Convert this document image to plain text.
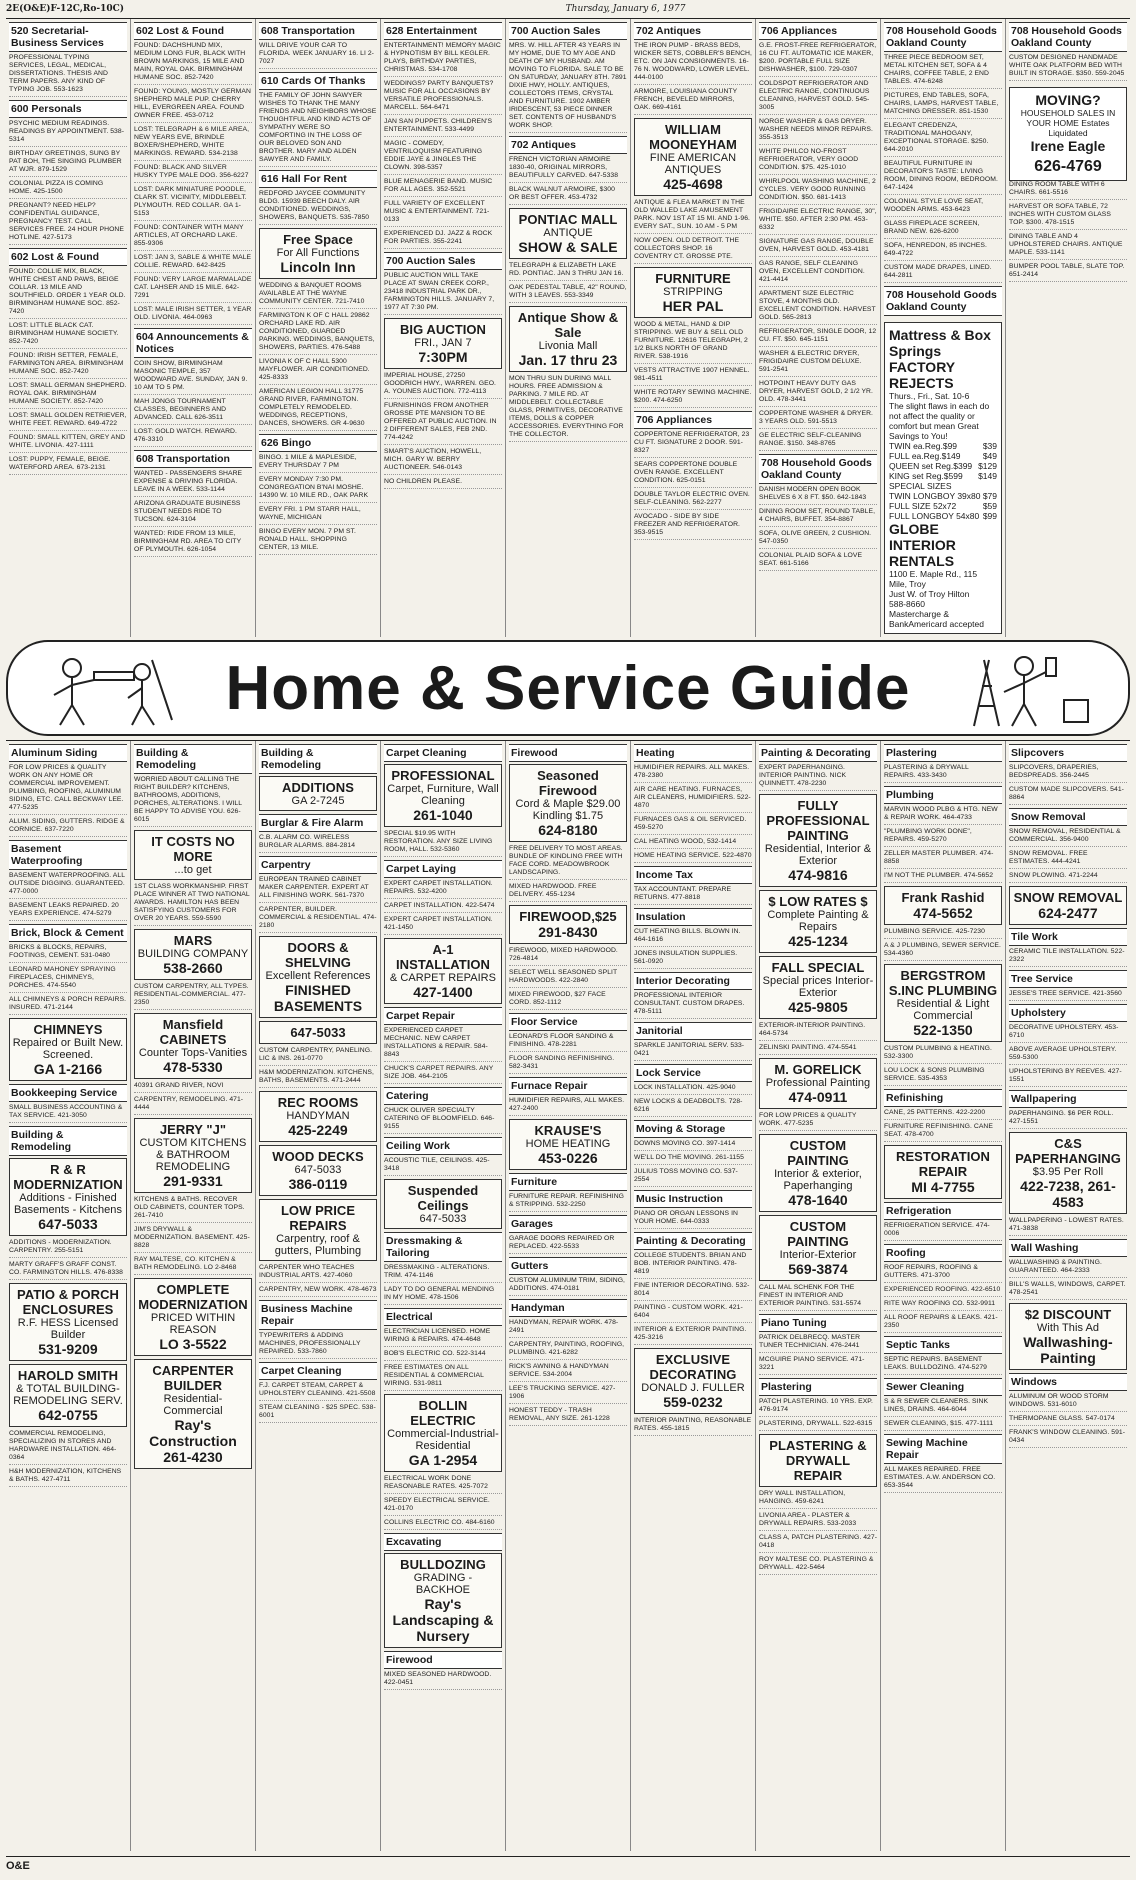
2E(O&E)F-12C,Ro-10C)	Thursday, January 6, 1977

520 Secretarial- Business Services
PROFESSIONAL TYPING SERVICES, LEGAL, MEDICAL, DISSERTATIONS. THESIS AND TERM PAPERS. ANY KIND OF TYPING JOB. 553-1623
600 Personals
PSYCHIC MEDIUM READINGS. READINGS BY APPOINTMENT. 538-5314
BIRTHDAY GREETINGS, SUNG BY PAT BOH, THE SINGING PLUMBER AT WJR. 879-1529
COLONIAL PIZZA IS COMING HOME. 425-1500
PREGNANT? NEED HELP? CONFIDENTIAL GUIDANCE, PREGNANCY TEST. CALL SERVICES FREE. 24 HOUR PHONE HOTLINE. 427-5173
602 Lost & Found
FOUND: COLLIE MIX, BLACK, WHITE CHEST AND PAWS, BEIGE COLLAR. 13 MILE AND SOUTHFIELD. ORDER 1 YEAR OLD. BIRMINGHAM HUMANE SOC. 852-7420
LOST: LITTLE BLACK CAT. BIRMINGHAM HUMANE SOCIETY. 852-7420
FOUND: IRISH SETTER, FEMALE, FARMINGTON AREA. BIRMINGHAM HUMANE SOC. 852-7420
LOST: SMALL GERMAN SHEPHERD. ROYAL OAK. BIRMINGHAM HUMANE SOCIETY. 852-7420
LOST: SMALL GOLDEN RETRIEVER, WHITE FEET. REWARD. 649-4722
FOUND: SMALL KITTEN, GREY AND WHITE. LIVONIA. 427-1111
LOST: PUPPY, FEMALE, BEIGE. WATERFORD AREA. 673-2131
602 Lost & Found
FOUND: DACHSHUND MIX, MEDIUM LONG FUR, BLACK WITH BROWN MARKINGS, 15 MILE AND MAIN, ROYAL OAK. BIRMINGHAM HUMANE SOC. 852-7420
FOUND: YOUNG, MOSTLY GERMAN SHEPHERD MALE PUP. CHERRY HILL, EVERGREEN AREA. FOUND OWNER FREE. 453-0712
LOST: TELEGRAPH & 6 MILE AREA, NEW YEARS EVE, BRINDLE BOXER/SHEPHERD, WHITE MARKINGS. REWARD. 534-2138
FOUND: BLACK AND SILVER HUSKY TYPE MALE DOG. 356-6227
LOST: DARK MINIATURE POODLE, CLARK ST. VICINITY, MIDDLEBELT. PLYMOUTH. RED COLLAR. GA 1-5153
FOUND: CONTAINER WITH MANY ARTICLES, AT ORCHARD LAKE. 855-9306
LOST: JAN 3, SABLE & WHITE MALE COLLIE. REWARD. 642-8425
FOUND: VERY LARGE MARMALADE CAT. LAHSER AND 15 MILE. 642-7291
LOST: MALE IRISH SETTER, 1 YEAR OLD. LIVONIA. 464-0963
604 Announcements & Notices
COIN SHOW, BIRMINGHAM MASONIC TEMPLE, 357 WOODWARD AVE. SUNDAY, JAN 9. 10 AM TO 5 PM.
MAH JONGG TOURNAMENT CLASSES, BEGINNERS AND ADVANCED. CALL 626-3511
LOST: GOLD WATCH. REWARD. 476-3310
608 Transportation
WANTED - PASSENGERS SHARE EXPENSE & DRIVING FLORIDA. LEAVE IN A WEEK. 533-1144
ARIZONA GRADUATE BUSINESS STUDENT NEEDS RIDE TO TUCSON. 624-3104
WANTED: RIDE FROM 13 MILE, BIRMINGHAM RD. AREA TO CITY OF PLYMOUTH. 626-1054
608 Transportation
WILL DRIVE YOUR CAR TO FLORIDA. WEEK JANUARY 16. LI 2-7027
610 Cards Of Thanks
THE FAMILY OF JOHN SAWYER WISHES TO THANK THE MANY FRIENDS AND NEIGHBORS WHOSE THOUGHTFUL AND KIND ACTS OF SYMPATHY WERE SO COMFORTING IN THE LOSS OF OUR BELOVED SON AND BROTHER. MARY AND ALDEN SAWYER AND FAMILY.
616 Hall For Rent
REDFORD JAYCEE COMMUNITY BLDG. 15939 BEECH DALY. AIR CONDITIONED. WEDDINGS, SHOWERS, BANQUETS. 535-7850
Free Space
For All Functions
Lincoln Inn
WEDDING & BANQUET ROOMS AVAILABLE AT THE WAYNE COMMUNITY CENTER. 721-7410
FARMINGTON K OF C HALL 29862 ORCHARD LAKE RD. AIR CONDITIONED, GUARDED PARKING. WEDDINGS, BANQUETS, SHOWERS, PARTIES. 476-5488
LIVONIA K OF C HALL 5300 MAYFLOWER. AIR CONDITIONED. 425-8333
AMERICAN LEGION HALL 31775 GRAND RIVER, FARMINGTON. COMPLETELY REMODELED. WEDDINGS, RECEPTIONS, DANCES, SHOWERS. GR 4-9630
626 Bingo
BINGO. 1 MILE & MAPLESIDE, EVERY THURSDAY 7 PM
EVERY MONDAY 7:30 PM. CONGREGATION B'NAI MOSHE. 14390 W. 10 MILE RD., OAK PARK
EVERY FRI. 1 PM STARR HALL, WAYNE, MICHIGAN
BINGO EVERY MON. 7 PM ST. RONALD HALL. SHOPPING CENTER, 13 MILE.
628 Entertainment
ENTERTAINMENT! MEMORY MAGIC & HYPNOTISM BY BILL KEGLER. PLAYS, BIRTHDAY PARTIES, CHRISTMAS. 534-1708
WEDDINGS? PARTY BANQUETS? MUSIC FOR ALL OCCASIONS BY VERSATILE PROFESSIONALS. MARCELL. 564-6471
JAN SAN PUPPETS. CHILDREN'S ENTERTAINMENT. 533-4499
MAGIC - COMEDY, VENTRILOQUISM FEATURING EDDIE JAYE & JINGLES THE CLOWN. 398-5357
BLUE MENAGERIE BAND. MUSIC FOR ALL AGES. 352-5521
FULL VARIETY OF EXCELLENT MUSIC & ENTERTAINMENT. 721-0133
EXPERIENCED DJ. JAZZ & ROCK FOR PARTIES. 355-2241
700 Auction Sales
PUBLIC AUCTION WILL TAKE PLACE AT SWAN CREEK CORP., 23418 INDUSTRIAL PARK DR., FARMINGTON HILLS. JANUARY 7, 1977 AT 7:30 PM.
BIG AUCTION
FRI., JAN 7
7:30PM
IMPERIAL HOUSE, 27250 GOODRICH HWY., WARREN. GEO. A. YOUNES AUCTION. 772-4113
FURNISHINGS FROM ANOTHER GROSSE PTE MANSION TO BE OFFERED AT PUBLIC AUCTION. IN 2 DIFFERENT SALES, FEB 2ND. 774-4242
SMART'S AUCTION, HOWELL, MICH. GARY W. BERRY AUCTIONEER. 546-0143
NO CHILDREN PLEASE.
700 Auction Sales
MRS. W. HILL AFTER 43 YEARS IN MY HOME, DUE TO MY AGE AND DEATH OF MY HUSBAND. AM MOVING TO FLORIDA. SALE TO BE ON SATURDAY, JANUARY 8TH. 7891 DIXIE HWY, HOLLY. ANTIQUES, COLLECTORS ITEMS, CRYSTAL AND FURNITURE. 1902 AMBER IRIDESCENT, 53 PIECE DINNER SET. CONTENTS OF HUSBAND'S WORK SHOP.
702 Antiques
FRENCH VICTORIAN ARMOIRE 1830-40, ORIGINAL MIRRORS, BEAUTIFULLY CARVED. 647-5338
BLACK WALNUT ARMOIRE, $300 OR BEST OFFER. 453-4732
PONTIAC MALL
ANTIQUE
SHOW & SALE
TELEGRAPH & ELIZABETH LAKE RD. PONTIAC. JAN 3 THRU JAN 16.
OAK PEDESTAL TABLE, 42" ROUND, WITH 3 LEAVES. 553-3349
Antique Show & Sale
Livonia Mall
Jan. 17 thru 23
MON THRU SUN DURING MALL HOURS. FREE ADMISSION & PARKING. 7 MILE RD. AT MIDDLEBELT. COLLECTABLE GLASS, PRIMITIVES, DECORATIVE ITEMS, DOLLS & COPPER ACCESSORIES. EVERYTHING FOR THE COLLECTOR.
702 Antiques
THE IRON PUMP - BRASS BEDS, WICKER SETS, COBBLER'S BENCH, ETC. ON JAN CONSIGNMENTS. 16-76 N. WOODWARD, LOWER LEVEL. 444-0100
ARMOIRE, LOUISIANA COUNTY FRENCH, BEVELED MIRRORS, OAK. 669-4161
WILLIAM MOONEYHAM
FINE AMERICAN ANTIQUES
425-4698
ANTIQUE & FLEA MARKET IN THE OLD WALLED LAKE AMUSEMENT PARK. NOV 1ST AT 15 MI. AND 1-96. EVERY SAT., SUN. 10 AM - 5 PM
NOW OPEN. OLD DETROIT. THE COLLECTORS SHOP. 16 COVENTRY CT. GROSSE PTE.
FURNITURE
STRIPPING
HER PAL
WOOD & METAL, HAND & DIP STRIPPING. WE BUY & SELL OLD FURNITURE. 12616 TELEGRAPH, 2 1/2 BLKS NORTH OF GRAND RIVER. 538-1916
VESTS ATTRACTIVE 1907 HENNEL. 981-4511
WHITE ROTARY SEWING MACHINE. $200. 474-6250
706 Appliances
COPPERTONE REFRIGERATOR, 23 CU FT. SIGNATURE 2 DOOR. 591-8327
SEARS COPPERTONE DOUBLE OVEN RANGE. EXCELLENT CONDITION. 625-0151
DOUBLE TAYLOR ELECTRIC OVEN. SELF-CLEANING. 562-2277
AVOCADO - SIDE BY SIDE FREEZER AND REFRIGERATOR. 353-9515
706 Appliances
G.E. FROST-FREE REFRIGERATOR, 16 CU FT. AUTOMATIC ICE MAKER, $200. PORTABLE FULL SIZE DISHWASHER, $100. 729-0307
COLDSPOT REFRIGERATOR AND ELECTRIC RANGE, CONTINUOUS CLEANING, HARVEST GOLD. 545-3005
NORGE WASHER & GAS DRYER. WASHER NEEDS MINOR REPAIRS. 355-3513
WHITE PHILCO NO-FROST REFRIGERATOR, VERY GOOD CONDITION. $75. 425-1010
WHIRLPOOL WASHING MACHINE, 2 CYCLES. VERY GOOD RUNNING CONDITION. $50. 681-1413
FRIGIDAIRE ELECTRIC RANGE, 30", WHITE. $50. AFTER 2:30 PM. 453-6332
SIGNATURE GAS RANGE, DOUBLE OVEN, HARVEST GOLD. 453-4181
GAS RANGE, SELF CLEANING OVEN, EXCELLENT CONDITION. 421-4414
APARTMENT SIZE ELECTRIC STOVE, 4 MONTHS OLD. EXCELLENT CONDITION. HARVEST GOLD. 565-2813
REFRIGERATOR, SINGLE DOOR, 12 CU. FT. $50. 645-1151
WASHER & ELECTRIC DRYER, FRIGIDAIRE CUSTOM DELUXE. 591-2541
HOTPOINT HEAVY DUTY GAS DRYER, HARVEST GOLD, 2 1/2 YR. OLD. 478-3441
COPPERTONE WASHER & DRYER. 3 YEARS OLD. 591-5513
GE ELECTRIC SELF-CLEANING RANGE. $150. 348-8765
708 Household Goods Oakland County
DANISH MODERN OPEN BOOK SHELVES 6 X 8 FT. $50. 642-1843
DINING ROOM SET, ROUND TABLE, 4 CHAIRS, BUFFET. 354-8867
SOFA, OLIVE GREEN, 2 CUSHION. 547-0350
COLONIAL PLAID SOFA & LOVE SEAT. 661-5166
708 Household Goods Oakland County
THREE PIECE BEDROOM SET, METAL KITCHEN SET, SOFA & 4 CHAIRS, COFFEE TABLE, 2 END TABLES. 474-6248
PICTURES, END TABLES, SOFA, CHAIRS, LAMPS, HARVEST TABLE, MATCHING DRESSER. 851-1530
ELEGANT CREDENZA, TRADITIONAL MAHOGANY, EXCEPTIONAL STORAGE. $250. 644-2010
BEAUTIFUL FURNITURE IN DECORATOR'S TASTE: LIVING ROOM, DINING ROOM, BEDROOM. 647-1424
COLONIAL STYLE LOVE SEAT, WOODEN ARMS. 453-6423
GLASS FIREPLACE SCREEN, BRAND NEW. 626-6200
SOFA, HENREDON, 85 INCHES. 649-4722
CUSTOM MADE DRAPES, LINED. 644-2811
708 Household Goods Oakland County
Mattress & Box Springs
FACTORY REJECTS
Thurs., Fri., Sat. 10-6
The slight flaws in each do not affect the quality or comfort but mean Great Savings to You!
TWIN ea.Reg.$99	$39
FULL ea.Reg.$149	$49
QUEEN set Reg.$399 $129
KING set Reg.$599 $149
SPECIAL SIZES
TWIN LONGBOY 39x80 $79
FULL SIZE 52x72	$59
FULL LONGBOY 54x80 $99
GLOBE INTERIOR RENTALS
1100 E. Maple Rd., 115 Mile, Troy
Just W. of Troy Hilton
588-8660
Mastercharge & BankAmericard accepted
708 Household Goods Oakland County
CUSTOM DESIGNED HANDMADE WHITE OAK PLATFORM BED WITH BUILT IN STORAGE. $350. 559-2045
MOVING?
HOUSEHOLD SALES IN YOUR HOME Estates Liquidated
Irene Eagle
626-4769
DINING ROOM TABLE WITH 6 CHAIRS. 661-5516
HARVEST OR SOFA TABLE, 72 INCHES WITH CUSTOM GLASS TOP. $300. 478-1515
DINING TABLE AND 4 UPHOLSTERED CHAIRS. ANTIQUE MAPLE. 533-1141
BUMPER POOL TABLE, SLATE TOP. 651-2414
Home & Service Guide
Aluminum Siding
FOR LOW PRICES & QUALITY WORK ON ANY HOME OR COMMERCIAL IMPROVEMENT. PLUMBING, ROOFING, ALUMINUM SIDING, ETC. CALL BECKWAY LEE. 477-5235
ALUM. SIDING, GUTTERS. RIDGE & CORNICE. 637-7220
Basement Waterproofing
BASEMENT WATERPROOFING. ALL OUTSIDE DIGGING. GUARANTEED. 477-0000
BASEMENT LEAKS REPAIRED. 20 YEARS EXPERIENCE. 474-5279
Brick, Block & Cement
BRICKS & BLOCKS, REPAIRS, FOOTINGS, CEMENT. 531-0480
LEONARD MAHONEY SPRAYING FIREPLACES, CHIMNEYS, PORCHES. 474-5540
ALL CHIMNEYS & PORCH REPAIRS. INSURED. 471-2144
CHIMNEYS
Repaired or Built New. Screened.
GA 1-2166
Bookkeeping Service
SMALL BUSINESS ACCOUNTING & TAX SERVICE. 421-3050
Building & Remodeling
R & R MODERNIZATION
Additions - Finished Basements - Kitchens
647-5033
ADDITIONS - MODERNIZATION. CARPENTRY. 255-5151
MARTY GRAFF'S GRAFF CONST. CO. FARMINGTON HILLS. 476-8338
PATIO & PORCH ENCLOSURES
R.F. HESS Licensed Builder
531-9209
HAROLD SMITH
& TOTAL BUILDING-REMODELING SERV.
642-0755
COMMERCIAL REMODELING, SPECIALIZING IN STORES AND HARDWARE INSTALLATION. 464-0364
H&H MODERNIZATION, KITCHENS & BATHS. 427-4711
Building & Remodeling
WORRIED ABOUT CALLING THE RIGHT BUILDER? KITCHENS, BATHROOMS, ADDITIONS, PORCHES, ALTERATIONS. I WILL BE HAPPY TO ADVISE YOU. 626-6015
IT COSTS NO MORE
...to get
1ST CLASS WORKMANSHIP. FIRST PLACE WINNER AT TWO NATIONAL AWARDS. HAMILTON HAS BEEN SATISFYING CUSTOMERS FOR OVER 20 YEARS. 559-5590
MARS
BUILDING COMPANY
538-2660
CUSTOM CARPENTRY, ALL TYPES. RESIDENTIAL-COMMERCIAL. 477-2350
Mansfield CABINETS
Counter Tops-Vanities
478-5330
40391 GRAND RIVER, NOVI
CARPENTRY, REMODELING. 471-4444
JERRY "J"
CUSTOM KITCHENS & BATHROOM REMODELING
291-9331
KITCHENS & BATHS. RECOVER OLD CABINETS, COUNTER TOPS. 261-7410
JIM'S DRYWALL & MODERNIZATION. BASEMENT. 425-8828
RAY MALTESE, CO. KITCHEN & BATH REMODELING. LO 2-8468
COMPLETE MODERNIZATION
PRICED WITHIN REASON
LO 3-5522
CARPENTER BUILDER
Residential-Commercial
Ray's Construction 261-4230
Building & Remodeling
ADDITIONS
GA 2-7245
Burglar & Fire Alarm
C.B. ALARM CO. WIRELESS BURGLAR ALARMS. 884-2814
Carpentry
EUROPEAN TRAINED CABINET MAKER CARPENTER. EXPERT AT ALL FINISHING WORK. 561-7370
CARPENTER, BUILDER. COMMERCIAL & RESIDENTIAL. 474-2180
DOORS & SHELVING
Excellent References
FINISHED BASEMENTS
647-5033
CUSTOM CARPENTRY, PANELING. LIC & INS. 261-0770
H&M MODERNIZATION. KITCHENS, BATHS, BASEMENTS. 471-2444
REC ROOMS
HANDYMAN
425-2249
WOOD DECKS
647-5033
386-0119
LOW PRICE REPAIRS
Carpentry, roof & gutters, Plumbing
CARPENTER WHO TEACHES INDUSTRIAL ARTS. 427-4060
CARPENTRY, NEW WORK. 478-4673
Business Machine Repair
TYPEWRITERS & ADDING MACHINES, PROFESSIONALLY REPAIRED. 533-7860
Carpet Cleaning
F.J. CARPET STEAM, CARPET & UPHOLSTERY CLEANING. 421-5508
STEAM CLEANING - $25 SPEC. 538-6001
Carpet Cleaning
PROFESSIONAL
Carpet, Furniture, Wall Cleaning
261-1040
SPECIAL $19.95 WITH RESTORATION. ANY SIZE LIVING ROOM, HALL. 532-5360
Carpet Laying
EXPERT CARPET INSTALLATION. REPAIRS. 532-4200
CARPET INSTALLATION. 422-5474
EXPERT CARPET INSTALLATION. 421-1450
A-1 INSTALLATION
& CARPET REPAIRS
427-1400
Carpet Repair
EXPERIENCED CARPET MECHANIC. NEW CARPET INSTALLATIONS & REPAIR. 584-8843
CHUCK'S CARPET REPAIRS. ANY SIZE JOB. 464-2105
Catering
CHUCK OLIVER SPECIALTY CATERING OF BLOOMFIELD. 646-9155
Ceiling Work
ACOUSTIC TILE, CEILINGS. 425-3418
Suspended Ceilings
647-5033
Dressmaking & Tailoring
DRESSMAKING - ALTERATIONS. TRIM. 474-1146
LADY TO DO GENERAL MENDING IN MY HOME. 478-1506
Electrical
ELECTRICIAN LICENSED. HOME WIRING & REPAIRS. 474-4648
BOB'S ELECTRIC CO. 522-3144
FREE ESTIMATES ON ALL RESIDENTIAL & COMMERCIAL WIRING. 531-9811
BOLLIN ELECTRIC
Commercial-Industrial-Residential
GA 1-2954
ELECTRICAL WORK DONE REASONABLE RATES. 425-7072
SPEEDY ELECTRICAL SERVICE. 421-0170
COLLINS ELECTRIC CO. 484-6160
Excavating
BULLDOZING
GRADING - BACKHOE
Ray's Landscaping & Nursery
Firewood
MIXED SEASONED HARDWOOD. 422-0451
Firewood
Seasoned Firewood
Cord & Maple $29.00 Kindling $1.75
624-8180
FREE DELIVERY TO MOST AREAS. BUNDLE OF KINDLING FREE WITH FACE CORD. MEADOWBROOK LANDSCAPING.
MIXED HARDWOOD. FREE DELIVERY. 455-1234
FIREWOOD,$25
291-8430
FIREWOOD, MIXED HARDWOOD. 726-4814
SELECT WELL SEASONED SPLIT HARDWOODS. 422-2840
MIXED FIREWOOD, $27 FACE CORD. 852-1112
Floor Service
LEONARD'S FLOOR SANDING & FINISHING. 478-2281
FLOOR SANDING REFINISHING. 582-3431
Furnace Repair
HUMIDIFIER REPAIRS, ALL MAKES. 427-2400
KRAUSE'S
HOME HEATING
453-0226
Furniture
FURNITURE REPAIR. REFINISHING & STRIPPING. 532-2250
Garages
GARAGE DOORS REPAIRED OR REPLACED. 422-5533
Gutters
CUSTOM ALUMINUM TRIM, SIDING, ADDITIONS. 474-0181
Handyman
HANDYMAN, REPAIR WORK. 478-2491
CARPENTRY, PAINTING, ROOFING, PLUMBING. 421-6282
RICK'S AWNING & HANDYMAN SERVICE. 534-2004
LEE'S TRUCKING SERVICE. 427-1906
HONEST TEDDY - TRASH REMOVAL, ANY SIZE. 261-1228
Heating
HUMIDIFIER REPAIRS. ALL MAKES. 478-2380
AIR CARE HEATING. FURNACES, AIR CLEANERS, HUMIDIFIERS. 522-4870
FURNACES GAS & OIL SERVICED. 459-5270
CAL HEATING WOOD, 532-1414
HOME HEATING SERVICE. 522-4870
Income Tax
TAX ACCOUNTANT. PREPARE RETURNS. 477-8818
Insulation
CUT HEATING BILLS. BLOWN IN. 464-1616
JONES INSULATION SUPPLIES. 561-0920
Interior Decorating
PROFESSIONAL INTERIOR CONSULTANT. CUSTOM DRAPES. 478-5111
Janitorial
SPARKLE JANITORIAL SERV. 533-0421
Lock Service
LOCK INSTALLATION. 425-9040
NEW LOCKS & DEADBOLTS. 728-6216
Moving & Storage
DOWNS MOVING CO. 397-1414
WE'LL DO THE MOVING. 261-1155
JULIUS TOSS MOVING CO. 537-2554
Music Instruction
PIANO OR ORGAN LESSONS IN YOUR HOME. 644-0333
Painting & Decorating
COLLEGE STUDENTS. BRIAN AND BOB. INTERIOR PAINTING. 478-4819
FINE INTERIOR DECORATING. 532-8014
PAINTING - CUSTOM WORK. 421-6404
INTERIOR & EXTERIOR PAINTING. 425-3216
EXCLUSIVE DECORATING
DONALD J. FULLER
559-0232
INTERIOR PAINTING, REASONABLE RATES. 455-1815
Painting & Decorating
EXPERT PAPERHANGING. INTERIOR PAINTING. NICK QUINNETT. 478-2230
FULLY PROFESSIONAL PAINTING
Residential, Interior & Exterior
474-9816
$ LOW RATES $
Complete Painting & Repairs
425-1234
FALL SPECIAL
Special prices Interior-Exterior
425-9805
EXTERIOR-INTERIOR PAINTING. 464-5734
ZELINSKI PAINTING. 474-5541
M. GORELICK
Professional Painting
474-0911
FOR LOW PRICES & QUALITY WORK. 477-5235
CUSTOM PAINTING
Interior & exterior, Paperhanging
478-1640
CUSTOM PAINTING
Interior-Exterior
569-3874
CALL MAL SCHENK FOR THE FINEST IN INTERIOR AND EXTERIOR PAINTING. 531-5574
Piano Tuning
PATRICK DELBRECQ. MASTER TUNER TECHNICIAN. 476-2441
MCGUIRE PIANO SERVICE. 471-3221
Plastering
PATCH PLASTERING. 10 YRS. EXP. 476-9174
PLASTERING, DRYWALL. 522-6315
PLASTERING & DRYWALL REPAIR
DRY WALL INSTALLATION, HANGING. 459-6241
LIVONIA AREA - PLASTER & DRYWALL REPAIRS. 533-2033
CLASS A, PATCH PLASTERING. 427-0418
ROY MALTESE CO. PLASTERING & DRYWALL. 422-5464
Plastering
PLASTERING & DRYWALL REPAIRS. 433-3430
Plumbing
MARVIN WOOD PLBG & HTG. NEW & REPAIR WORK. 464-4733
"PLUMBING WORK DONE", REPAIRS. 459-5270
ZELLER MASTER PLUMBER. 474-8858
I'M NOT THE PLUMBER. 474-5652
Frank Rashid
474-5652
PLUMBING SERVICE. 425-7230
A & J PLUMBING, SEWER SERVICE. 534-4360
BERGSTROM S.INC PLUMBING
Residential & Light Commercial
522-1350
CUSTOM PLUMBING & HEATING. 532-3300
LOU LOCK & SONS PLUMBING SERVICE. 535-4353
Refinishing
CANE, 25 PATTERNS. 422-2200
FURNITURE REFINISHING. CANE SEAT. 478-4700
RESTORATION REPAIR
MI 4-7755
Refrigeration
REFRIGERATION SERVICE. 474-0006
Roofing
ROOF REPAIRS, ROOFING & GUTTERS. 471-3700
EXPERIENCED ROOFING. 422-6510
RITE WAY ROOFING CO. 532-9911
ALL ROOF REPAIRS & LEAKS. 421-2350
Septic Tanks
SEPTIC REPAIRS. BASEMENT LEAKS. BULLDOZING. 474-5279
Sewer Cleaning
S & R SEWER CLEANERS. SINK LINES, DRAINS. 464-6044
SEWER CLEANING, $15. 477-1111
Sewing Machine Repair
ALL MAKES REPAIRED. FREE ESTIMATES. A.W. ANDERSON CO. 653-3544
Slipcovers
SLIPCOVERS, DRAPERIES, BEDSPREADS. 356-2445
CUSTOM MADE SLIPCOVERS. 541-8864
Snow Removal
SNOW REMOVAL, RESIDENTIAL & COMMERCIAL. 356-9400
SNOW REMOVAL. FREE ESTIMATES. 444-4241
SNOW PLOWING. 471-2244
SNOW REMOVAL
624-2477
Tile Work
CERAMIC TILE INSTALLATION. 522-2322
Tree Service
JESSE'S TREE SERVICE. 421-3560
Upholstery
DECORATIVE UPHOLSTERY. 453-6710
ABOVE AVERAGE UPHOLSTERY. 559-5300
UPHOLSTERING BY REEVES. 427-1551
Wallpapering
PAPERHANGING. $6 PER ROLL. 427-1551
C&S PAPERHANGING
$3.95 Per Roll
422-7238, 261-4583
WALLPAPERING - LOWEST RATES. 471-3838
Wall Washing
WALLWASHING & PAINTING. GUARANTEED. 464-2333
BILL'S WALLS, WINDOWS, CARPET. 478-2541
$2 DISCOUNT
With This Ad
Wallwashing-Painting
Windows
ALUMINUM OR WOOD STORM WINDOWS. 531-6010
THERMOPANE GLASS. 547-0174
FRANK'S WINDOW CLEANING. 591-0434
O&E
